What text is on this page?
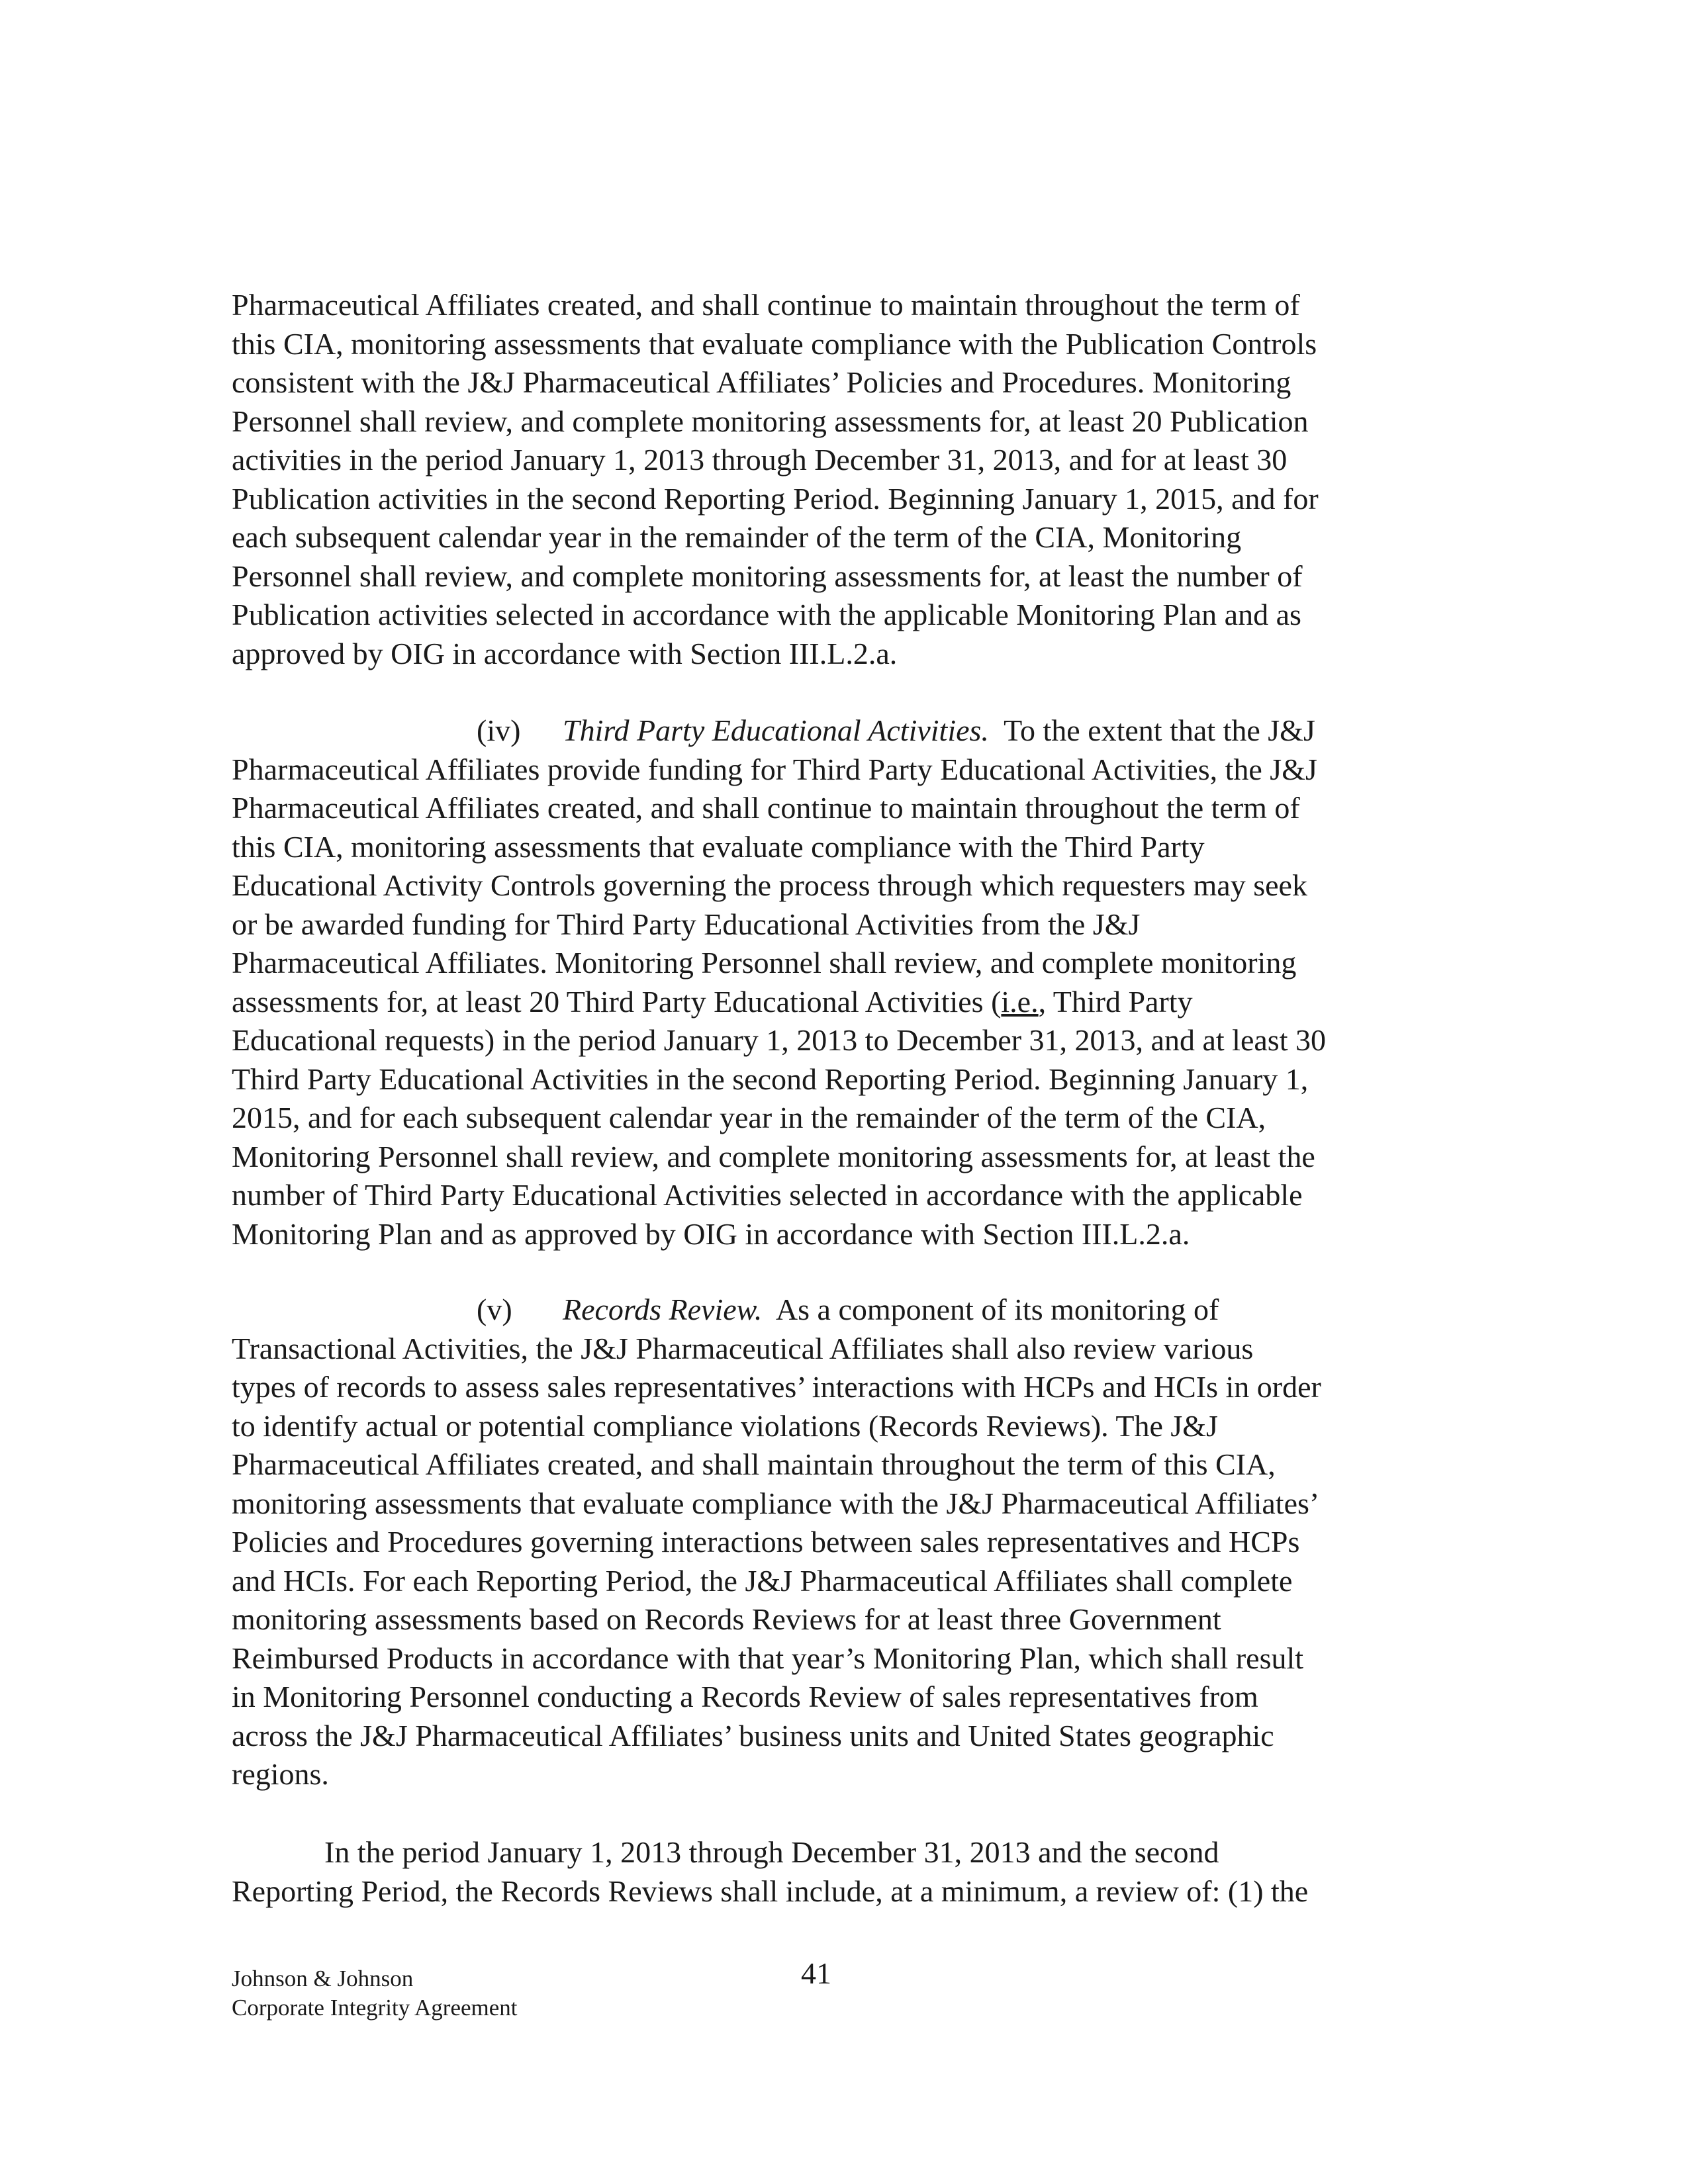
Pharmaceutical Affiliates created, and shall continue to maintain throughout the term of
this CIA, monitoring assessments that evaluate compliance with the Publication Controls
consistent with the J&J Pharmaceutical Affiliates’ Policies and Procedures. Monitoring
Personnel shall review, and complete monitoring assessments for, at least 20 Publication
activities in the period January 1, 2013 through December 31, 2013, and for at least 30
Publication activities in the second Reporting Period. Beginning January 1, 2015, and for
each subsequent calendar year in the remainder of the term of the CIA, Monitoring
Personnel shall review, and complete monitoring assessments for, at least the number of
Publication activities selected in accordance with the applicable Monitoring Plan and as
approved by OIG in accordance with Section III.L.2.a.
(iv) Third Party Educational Activities.  To the extent that the J&J
Pharmaceutical Affiliates provide funding for Third Party Educational Activities, the J&J
Pharmaceutical Affiliates created, and shall continue to maintain throughout the term of
this CIA, monitoring assessments that evaluate compliance with the Third Party
Educational Activity Controls governing the process through which requesters may seek
or be awarded funding for Third Party Educational Activities from the J&J
Pharmaceutical Affiliates. Monitoring Personnel shall review, and complete monitoring
assessments for, at least 20 Third Party Educational Activities (i.e., Third Party
Educational requests) in the period January 1, 2013 to December 31, 2013, and at least 30
Third Party Educational Activities in the second Reporting Period. Beginning January 1,
2015, and for each subsequent calendar year in the remainder of the term of the CIA,
Monitoring Personnel shall review, and complete monitoring assessments for, at least the
number of Third Party Educational Activities selected in accordance with the applicable
Monitoring Plan and as approved by OIG in accordance with Section III.L.2.a.
(v) Records Review.  As a component of its monitoring of
Transactional Activities, the J&J Pharmaceutical Affiliates shall also review various
types of records to assess sales representatives’ interactions with HCPs and HCIs in order
to identify actual or potential compliance violations (Records Reviews). The J&J
Pharmaceutical Affiliates created, and shall maintain throughout the term of this CIA,
monitoring assessments that evaluate compliance with the J&J Pharmaceutical Affiliates’
Policies and Procedures governing interactions between sales representatives and HCPs
and HCIs. For each Reporting Period, the J&J Pharmaceutical Affiliates shall complete
monitoring assessments based on Records Reviews for at least three Government
Reimbursed Products in accordance with that year’s Monitoring Plan, which shall result
in Monitoring Personnel conducting a Records Review of sales representatives from
across the J&J Pharmaceutical Affiliates’ business units and United States geographic
regions.
In the period January 1, 2013 through December 31, 2013 and the second
Reporting Period, the Records Reviews shall include, at a minimum, a review of: (1) the
Johnson & Johnson
Corporate Integrity Agreement
41
